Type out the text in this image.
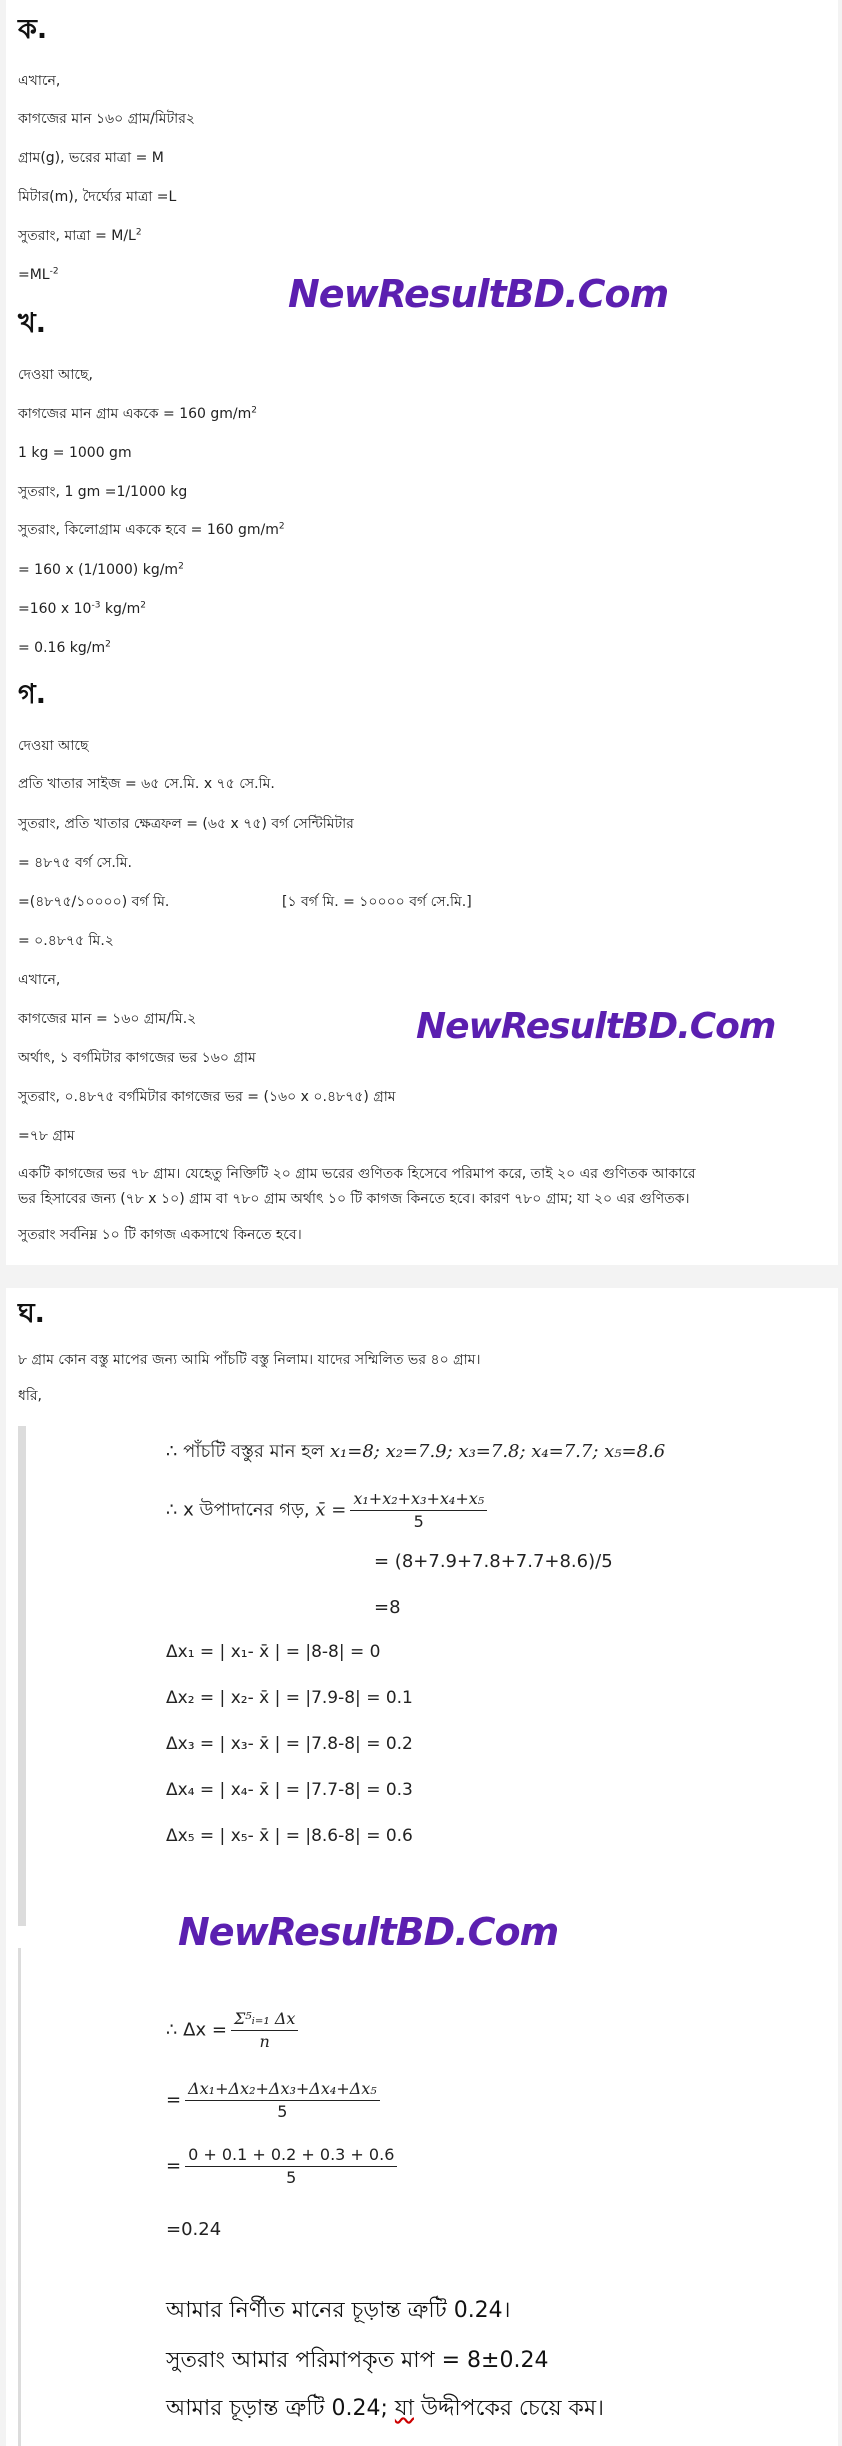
ক.
এখানে,
কাগজের মান ১৬০ গ্রাম/মিটার২
গ্রাম(g), ভরের মাত্রা = M
মিটার(m), দৈর্ঘ্যের মাত্রা =L
সুতরাং, মাত্রা = $M/L^2$
$=ML^{-2}$
NewResultBD.Com
খ.
দেওয়া আছে,
কাগজের মান গ্রাম এককে = 160 $gm/m^2$
1 kg = 1000 gm
সুতরাং, 1 gm =1/1000 kg
সুতরাং, কিলোগ্রাম এককে হবে = 160 $gm/m^2$
= 160 x (1/1000) $kg/m^2$
=160 x $10^{-3}$ $kg/m^2$
= 0.16 $kg/m^2$
গ.
দেওয়া আছে
প্রতি খাতার সাইজ = ৬৫ সে.মি. x ৭৫ সে.মি.
সুতরাং, প্রতি খাতার ক্ষেত্রফল = (৬৫ x ৭৫) বর্গ সেন্টিমিটার
= ৪৮৭৫ বর্গ সে.মি.
=(৪৮৭৫/১০০০০) বর্গ মি.	[১ বর্গ মি. = ১০০০০ বর্গ সে.মি.]
= ০.৪৮৭৫ মি.২
এখানে,
কাগজের মান = ১৬০ গ্রাম/মি.২	NewResultBD.Com
অর্থাৎ, ১ বর্গমিটার কাগজের ভর ১৬০ গ্রাম
সুতরাং, ০.৪৮৭৫ বর্গমিটার কাগজের ভর = (১৬০ x ০.৪৮৭৫) গ্রাম
=৭৮ গ্রাম
একটি কাগজের ভর ৭৮ গ্রাম। যেহেতু নিক্তিটি ২০ গ্রাম ভরের গুণিতক হিসেবে পরিমাপ করে, তাই ২০ এর গুণিতক আকারে
ভর হিসাবের জন্য (৭৮ x ১০) গ্রাম বা ৭৮০ গ্রাম অর্থাৎ ১০ টি কাগজ কিনতে হবে। কারণ ৭৮০ গ্রাম; যা ২০ এর গুণিতক।
সুতরাং সর্বনিম্ন ১০ টি কাগজ একসাথে কিনতে হবে।
ঘ.
৮ গ্রাম কোন বস্তু মাপের জন্য আমি পাঁচটি বস্তু নিলাম। যাদের সম্মিলিত ভর ৪০ গ্রাম।
ধরি,
∴ পাঁচটি বস্তুর মান হল x₁=8; x₂=7.9; x₃=7.8; x₄=7.7; x₅=8.6
∴ x উপাদানের গড়, x̄ = $\frac{\text{x₁+x₂+x₃+x₄+x₅}}{5}$
= (8+7.9+7.8+7.7+8.6)/5
=8
Δx₁ = | x₁- x̄ | = |8-8| = 0
Δx₂ = | x₂- x̄ | = |7.9-8| = 0.1
Δx₃ = | x₃- x̄ | = |7.8-8| = 0.2
Δx₄ = | x₄- x̄ | = |7.7-8| = 0.3
Δx₅ = | x₅- x̄ | = |8.6-8| = 0.6
NewResultBD.Com
∴ $\Delta x = \frac{\text{Σ⁵ᵢ₌₁ Δx}}{n}$
= $\frac{\text{Δx₁+Δx₂+Δx₃+Δx₄+Δx₅}}{5}$
= $\frac{0 + 0.1 + 0.2 + 0.3 + 0.6}{5}$
=0.24
আমার নির্ণীত মানের চূড়ান্ত ত্রুটি 0.24।
সুতরাং আমার পরিমাপকৃত মাপ = 8±0.24
আমার চূড়ান্ত ত্রুটি 0.24; যা উদ্দীপকের চেয়ে কম।
